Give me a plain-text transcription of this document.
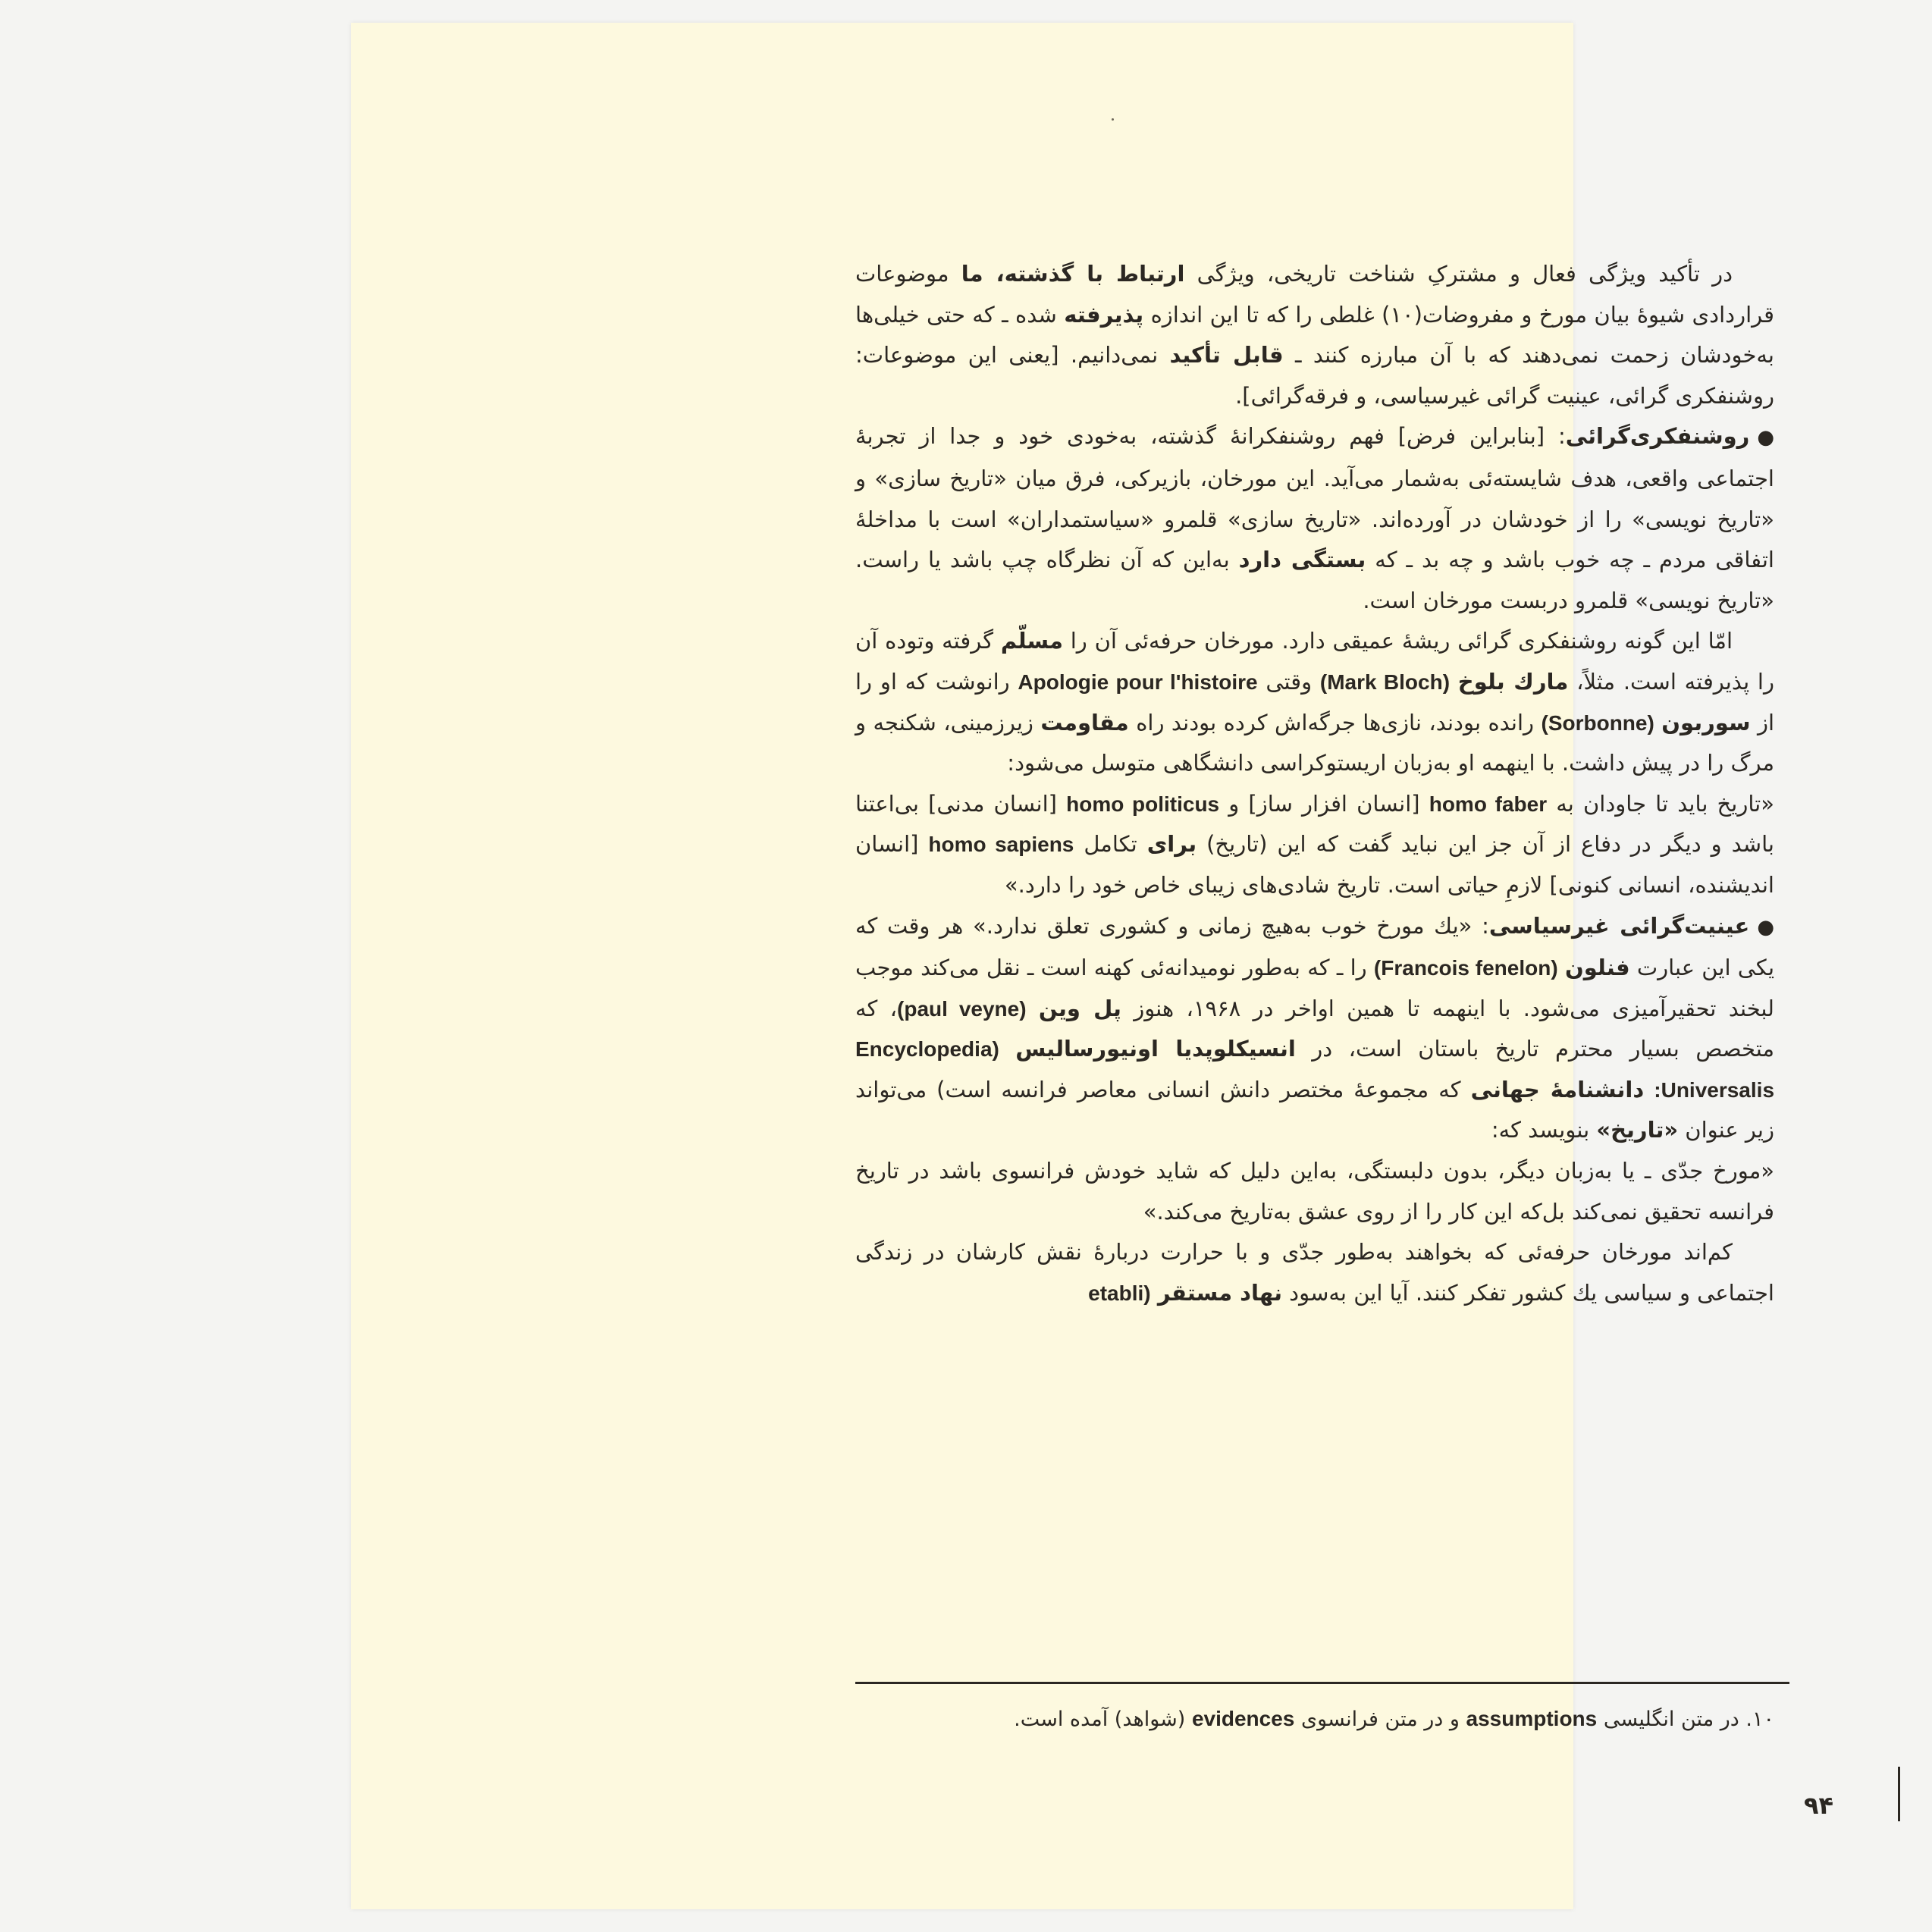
در تأکید ویژگی فعال و مشترکِ شناخت تاریخی، ویژگی ارتباط با گذشته، ما موضوعات قراردادی شیوهٔ بیان مورخ و مفروضات(۱۰) غلطی را که تا این اندازه پذیرفته شده ـ که حتی خیلی‌ها به‌خودشان زحمت نمی‌دهند که با آن مبارزه کنند ـ قابل تأکید نمی‌دانیم. [یعنی این موضوعات: روشنفکری گرائی، عینیت گرائی غیرسیاسی، و فرقه‌گرائی].

●روشنفکری‌گرائی: [بنابراین فرض] فهم روشنفکرانهٔ گذشته، به‌خودی خود و جدا از تجربهٔ اجتماعی واقعی، هدف شایسته‌ئی به‌شمار می‌آید. این مورخان، بازیرکی، فرق میان «تاریخ سازی» و «تاریخ نویسی» را از خودشان در آورده‌اند. «تاریخ سازی» قلمرو «سیاستمداران» است با مداخلهٔ اتفاقی مردم ـ چه خوب باشد و چه بد ـ که بستگی دارد به‌این که آن نظرگاه چپ باشد یا راست. «تاریخ نویسی» قلمرو دربست مورخان است.

امّا این گونه روشنفکری گرائی ریشهٔ عمیقی دارد. مورخان حرفه‌ئی آن را مسلّم گرفته وتوده آن را پذیرفته است. مثلاً، مارك بلوخ (Mark Bloch) وقتی Apologie pour l'histoire رانوشت که او را از سوربون (Sorbonne) رانده بودند، نازی‌ها جرگه‌اش کرده بودند راه مقاومت زیرزمینی، شکنجه و مرگ را در پیش داشت. با اینهمه او به‌زبان اریستوکراسی دانشگاهی متوسل می‌شود:

«تاریخ باید تا جاودان به homo faber [انسان افزار ساز] و homo politicus [انسان مدنی] بی‌اعتنا باشد و دیگر در دفاع از آن جز این نباید گفت که این (تاریخ) برای تکامل homo sapiens [انسان اندیشنده، انسانی کنونی] لازمِ حیاتی است. تاریخ شادی‌های زیبای خاص خود را دارد.»

●عینیت‌گرائی غیرسیاسی: «یك مورخ خوب به‌هیچ زمانی و کشوری تعلق ندارد.» هر وقت که یکی این عبارت فنلون (Francois fenelon) را ـ که به‌طور نومیدانه‌ئی کهنه است ـ نقل می‌کند موجب لبخند تحقیرآمیزی می‌شود. با اینهمه تا همین اواخر در ۱۹۶۸، هنوز پل وین (paul veyne)، که متخصص بسیار محترم تاریخ باستان است، در انسیکلوپدیا اونیورسالیس (Encyclopedia Universalis: دانشنامهٔ جهانی که مجموعهٔ مختصر دانش انسانی معاصر فرانسه است) می‌تواند زیر عنوان «تاریخ» بنویسد که:

«مورخ جدّی ـ یا به‌زبان دیگر، بدون دلبستگی، به‌این دلیل که شاید خودش فرانسوی باشد در تاریخ فرانسه تحقیق نمی‌کند بل‌که این کار را از روی عشق به‌تاریخ می‌کند.»

کم‌اند مورخان حرفه‌ئی که بخواهند به‌طور جدّی و با حرارت دربارهٔ نقش کارشان در زندگی اجتماعی و سیاسی یك کشور تفکر کنند. آیا این به‌سود نهاد مستقر (etabli

۱۰. در متن انگلیسی assumptions و در متن فرانسوی evidences (شواهد) آمده است.
۹۴
